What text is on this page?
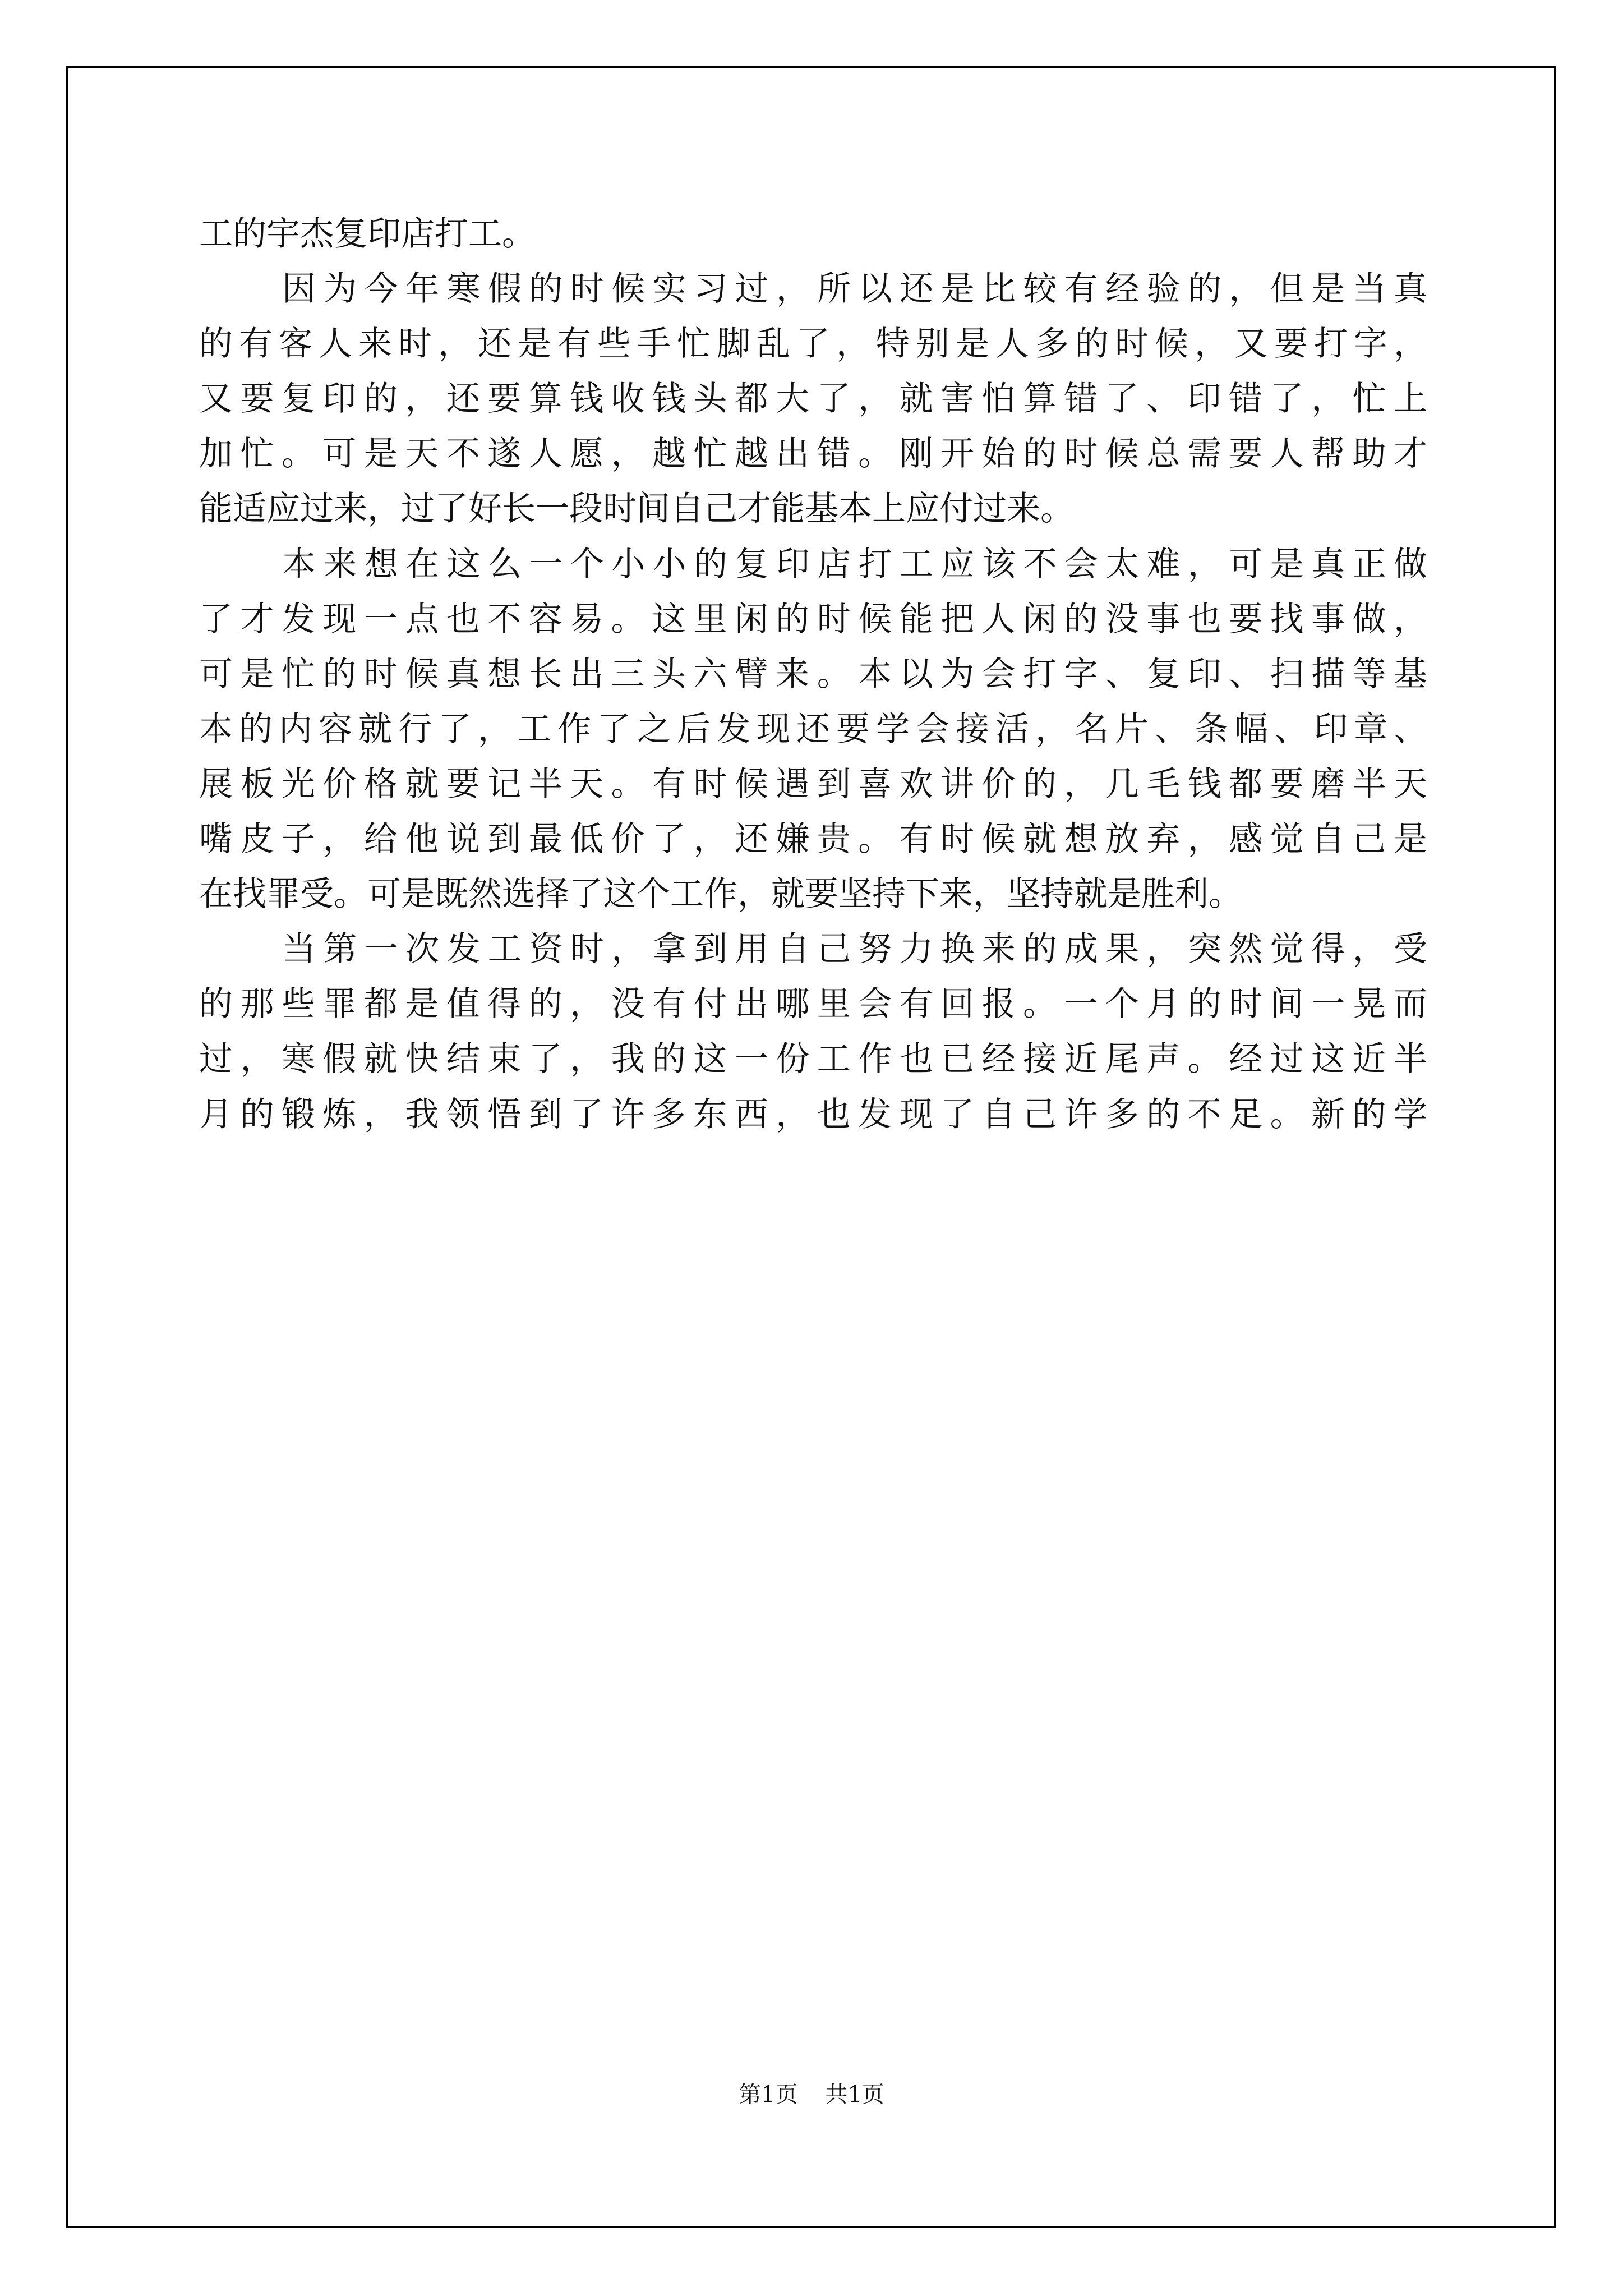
工的宇杰复印店打工。
因为今年寒假的时候实习过，所以还是比较有经验的，但是当真
的有客人来时，还是有些手忙脚乱了，特别是人多的时候，又要打字，
又要复印的，还要算钱收钱头都大了，就害怕算错了、印错了，忙上
加忙。可是天不遂人愿，越忙越出错。刚开始的时候总需要人帮助才
能适应过来，过了好长一段时间自己才能基本上应付过来。
本来想在这么一个小小的复印店打工应该不会太难，可是真正做
了才发现一点也不容易。这里闲的时候能把人闲的没事也要找事做，
可是忙的时候真想长出三头六臂来。本以为会打字、复印、扫描等基
本的内容就行了，工作了之后发现还要学会接活，名片、条幅、印章、
展板光价格就要记半天。有时候遇到喜欢讲价的，几毛钱都要磨半天
嘴皮子，给他说到最低价了，还嫌贵。有时候就想放弃，感觉自己是
在找罪受。可是既然选择了这个工作，就要坚持下来，坚持就是胜利。
当第一次发工资时，拿到用自己努力换来的成果，突然觉得，受
的那些罪都是值得的，没有付出哪里会有回报。一个月的时间一晃而
过，寒假就快结束了，我的这一份工作也已经接近尾声。经过这近半
月的锻炼，我领悟到了许多东西，也发现了自己许多的不足。新的学
第1页 共1页
